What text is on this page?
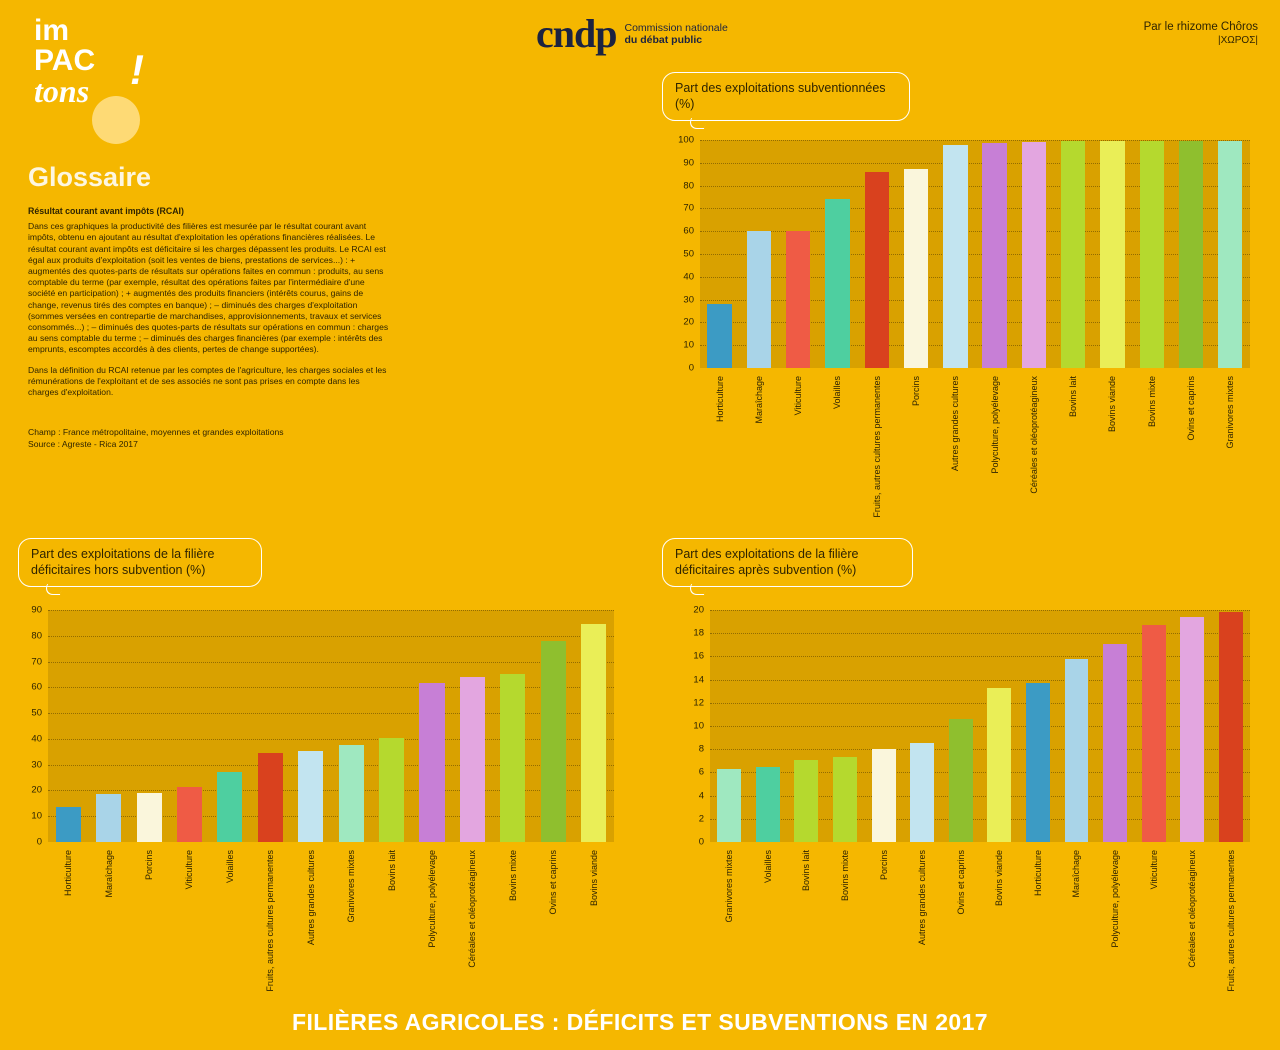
im
PAC
tons !
cndp Commission nationale
du débat public
Par le rhizome Chôros
|ΧΩΡΟΣ|
Glossaire
Résultat courant avant impôts (RCAI)

Dans ces graphiques la productivité des filières est mesurée par le résultat courant avant impôts, obtenu en ajoutant au résultat d'exploitation les opérations financières réalisées. Le résultat courant avant impôts est déficitaire si les charges dépassent les produits. Le RCAI est égal aux produits d'exploitation (soit les ventes de biens, prestations de services...) : + augmentés des quotes-parts de résultats sur opérations faites en commun : produits, au sens comptable du terme (par exemple, résultat des opérations faites par l'intermédiaire d'une société en participation) ; + augmentés des produits financiers (intérêts courus, gains de change, revenus tirés des comptes en banque) ; – diminués des charges d'exploitation (sommes versées en contrepartie de marchandises, approvisionnements, travaux et services consommés...) ; – diminués des quotes-parts de résultats sur opérations en commun : charges au sens comptable du terme ; – diminués des charges financières (par exemple : intérêts des emprunts, escomptes accordés à des clients, pertes de change supportées).

Dans la définition du RCAI retenue par les comptes de l'agriculture, les charges sociales et les rémunérations de l'exploitant et de ses associés ne sont pas prises en compte dans les charges d'exploitation.

Champ : France métropolitaine, moyennes et grandes exploitations
Source : Agreste - Rica 2017
Part des exploitations subventionnées (%)
0
10
20
30
40
50
60
70
80
90
100
Horticulture	Maraîchage	Viticulture	Volailles	Fruits, autres cultures permanentes	Porcins	Autres grandes cultures	Polyculture, polyélevage	Céréales et oléoprotéagineux	Bovins lait	Bovins viande	Bovins mixte	Ovins et caprins	Granivores mixtes
Part des exploitations de la filière déficitaires hors subvention (%)
0
10
20
30
40
50
60
70
80
90
Horticulture	Maraîchage	Porcins	Viticulture	Volailles	Fruits, autres cultures permanentes	Autres grandes cultures	Granivores mixtes	Bovins lait	Polyculture, polyélevage	Céréales et oléoprotéagineux	Bovins mixte	Ovins et caprins	Bovins viande
Part des exploitations de la filière déficitaires après subvention (%)
0
2
4
6
8
10
12
14
16
18
20
Granivores mixtes	Volailles	Bovins lait	Bovins mixte	Porcins	Autres grandes cultures	Ovins et caprins	Bovins viande	Horticulture	Maraîchage	Polyculture, polyélevage	Viticulture	Céréales et oléoprotéagineux	Fruits, autres cultures permanentes
FILIÈRES AGRICOLES : DÉFICITS ET SUBVENTIONS EN 2017
